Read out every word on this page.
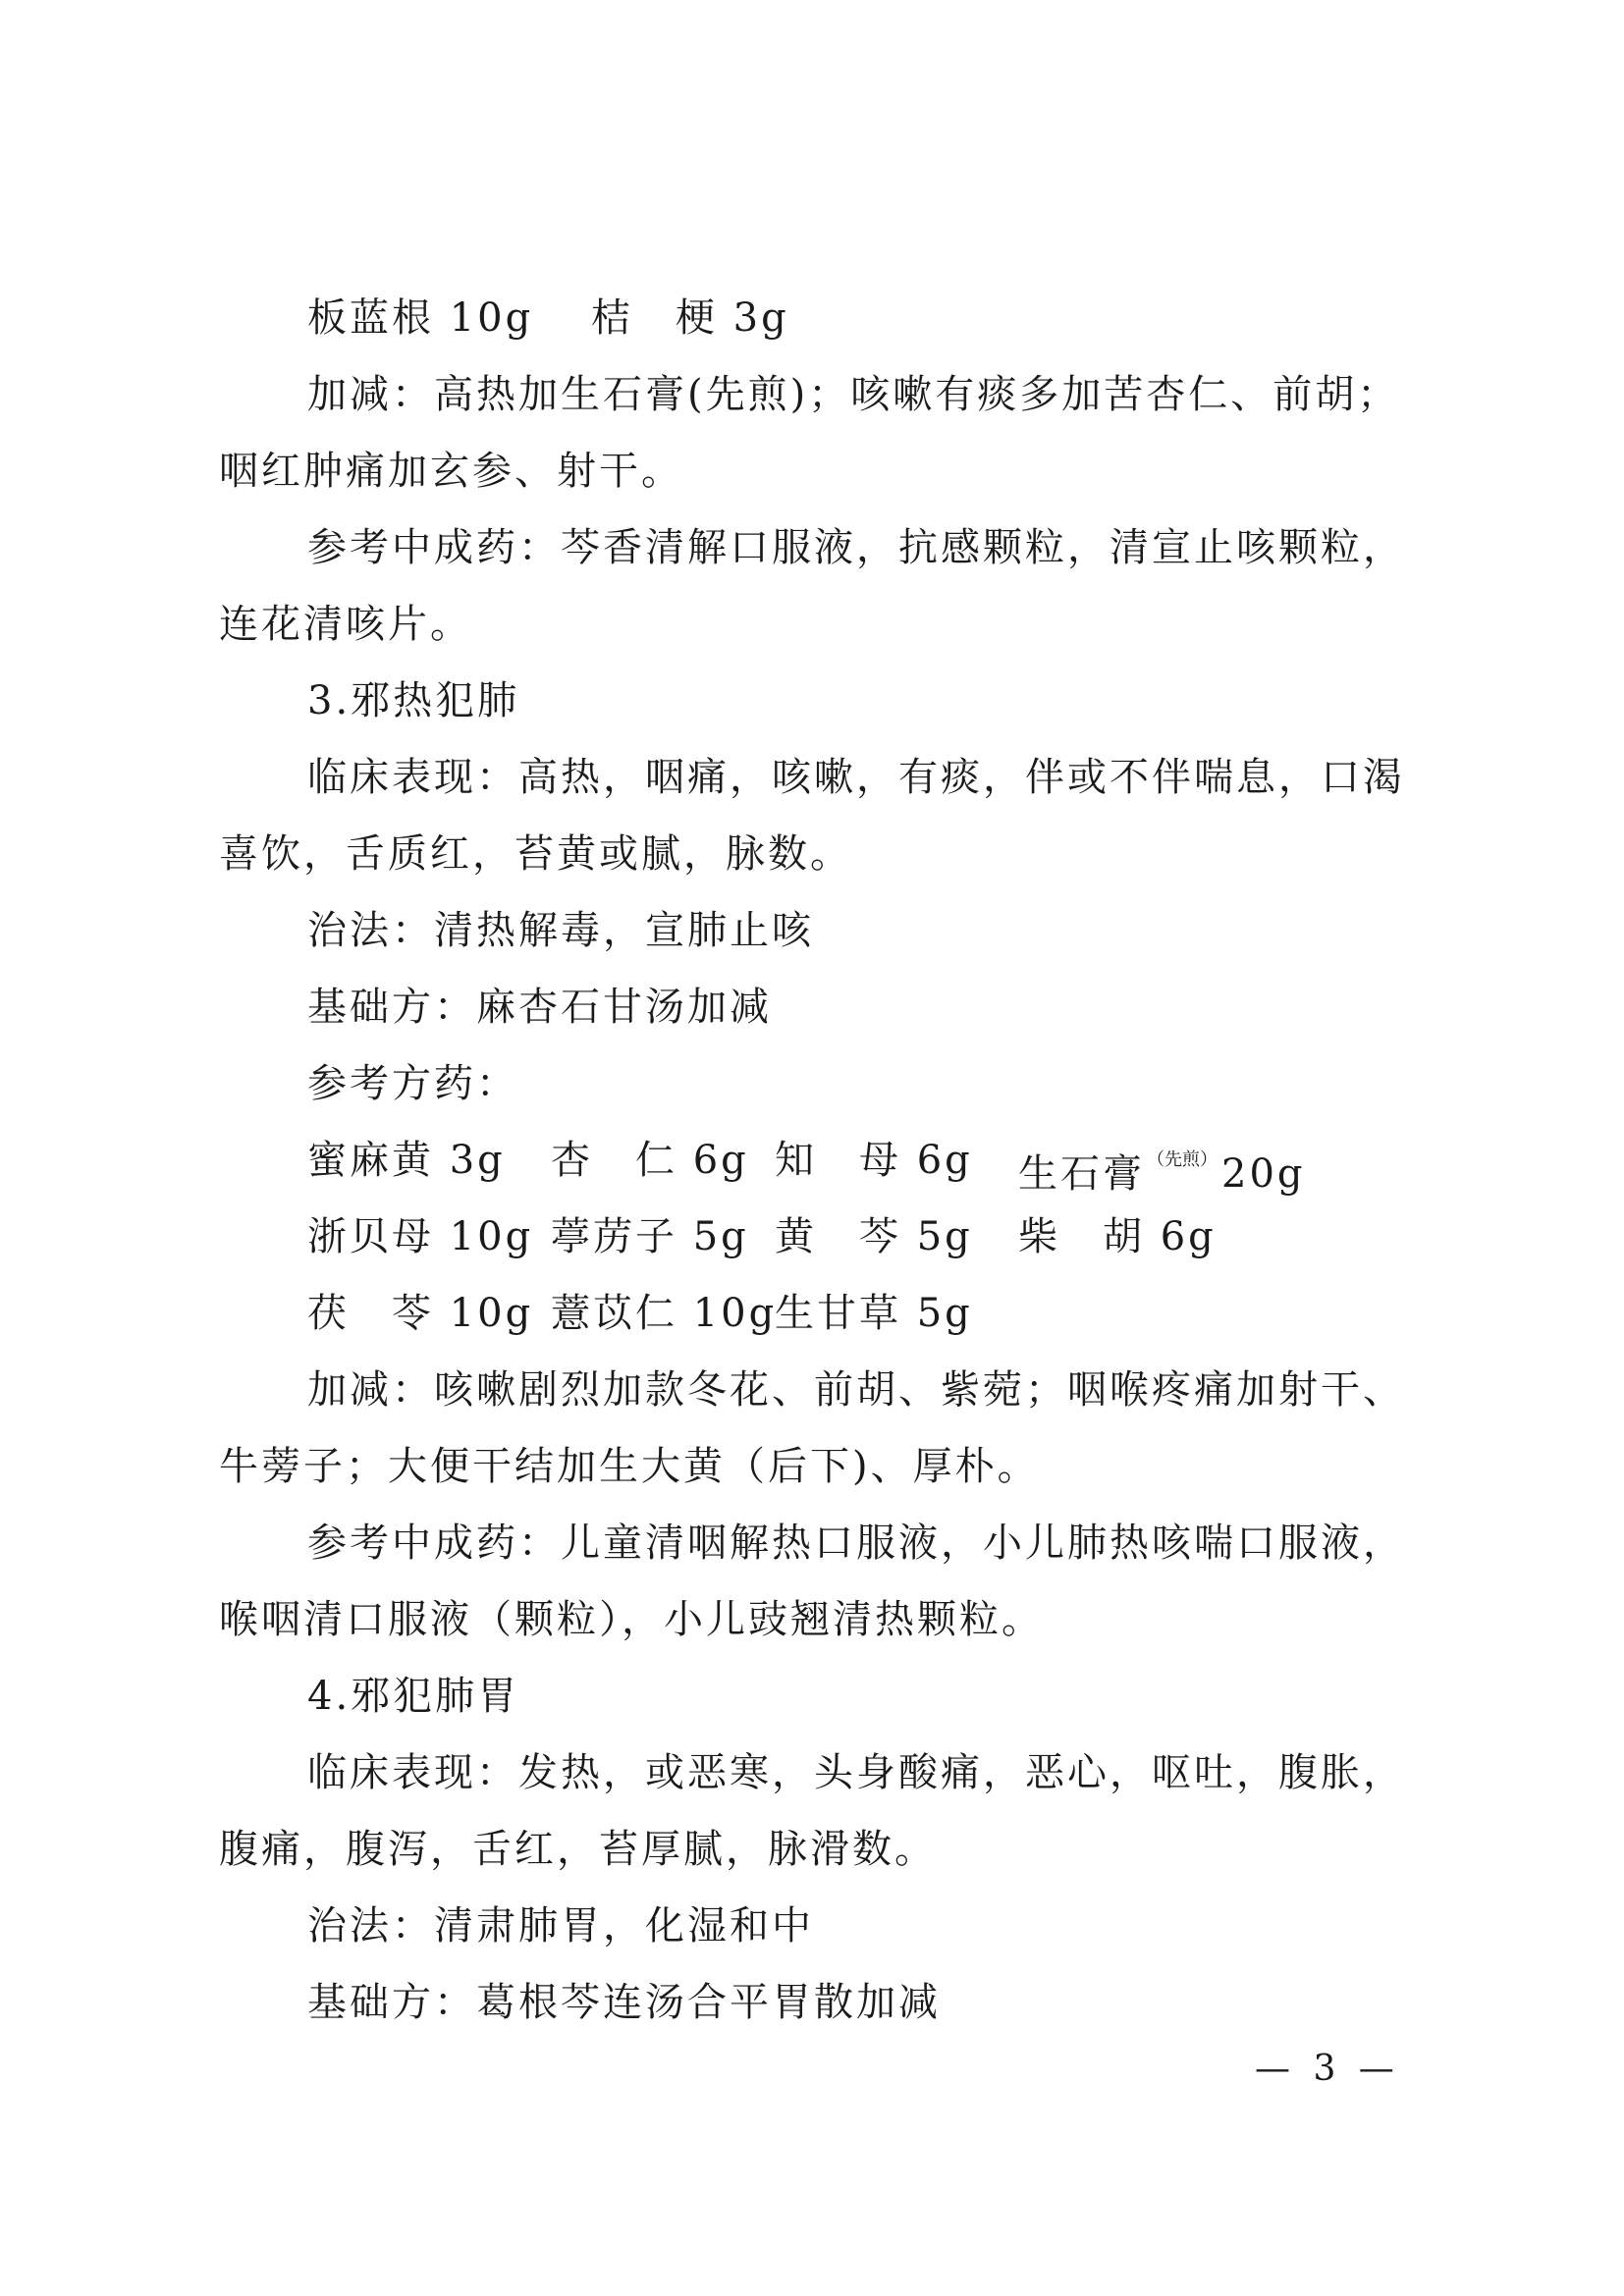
板蓝根 10g　 桔　梗 3g
加减：高热加生石膏(先煎)；咳嗽有痰多加苦杏仁、前胡；
咽红肿痛加玄参、射干。
参考中成药：芩香清解口服液，抗感颗粒，清宣止咳颗粒，
连花清咳片。
3.邪热犯肺
临床表现：高热，咽痛，咳嗽，有痰，伴或不伴喘息，口渴
喜饮，舌质红，苔黄或腻，脉数。
治法：清热解毒，宣肺止咳
基础方：麻杏石甘汤加减
参考方药：
蜜麻黄 3g 杏　仁 6g 知　母 6g 生石膏 $^{(先煎)}$ 20g
浙贝母 10g 葶苈子 5g 黄　芩 5g 柴　胡 6g
茯　苓 10g 薏苡仁 10g
生甘草 5g
加减：咳嗽剧烈加款冬花、前胡、紫菀；咽喉疼痛加射干、
牛蒡子；大便干结加生大黄（后下)、厚朴。
参考中成药：儿童清咽解热口服液，小儿肺热咳喘口服液，
喉咽清口服液（颗粒），小儿豉翘清热颗粒。
4.邪犯肺胃
临床表现：发热，或恶寒，头身酸痛，恶心，呕吐，腹胀，
腹痛，腹泻，舌红，苔厚腻，脉滑数。
治法：清肃肺胃，化湿和中
基础方：葛根芩连汤合平胃散加减
— 3 —
